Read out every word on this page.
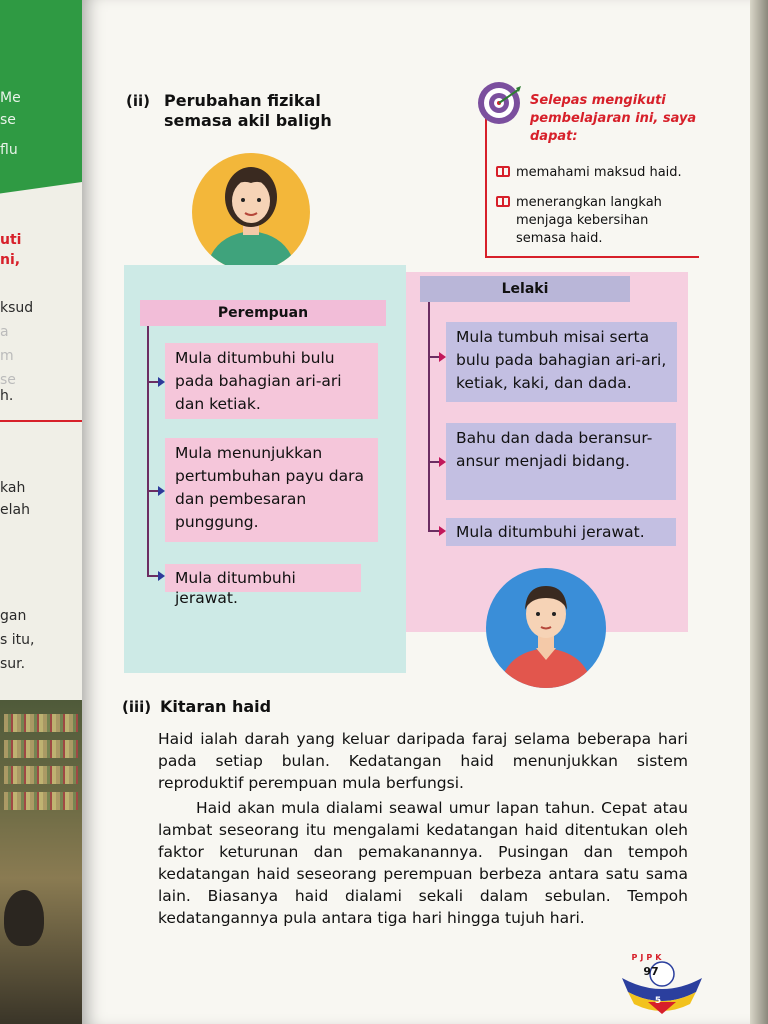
Me
se
flu
uti
ni,
ksud
a
m
se
h.
kah
elah
gan
s itu,
sur.
(ii) Perubahan fizikal semasa akil baligh
Selepas mengikuti pembelajaran ini, saya dapat:
memahami maksud haid.
menerangkan langkah menjaga kebersihan semasa haid.
Perempuan
Mula ditumbuhi bulu pada bahagian ari-ari dan ketiak.
Mula menunjukkan pertumbuhan payu dara dan pembesaran punggung.
Mula ditumbuhi jerawat.
Lelaki
Mula tumbuh misai serta bulu pada bahagian ari-ari, ketiak, kaki, dan dada.
Bahu dan dada beransur-ansur menjadi bidang.
Mula ditumbuhi jerawat.
(iii) Kitaran haid
Haid ialah darah yang keluar daripada faraj selama beberapa hari pada setiap bulan. Kedatangan haid menunjukkan sistem reproduktif perempuan mula berfungsi.
Haid akan mula dialami seawal umur lapan tahun. Cepat atau lambat seseorang itu mengalami kedatangan haid ditentukan oleh faktor keturunan dan pemakanannya. Pusingan dan tempoh kedatangan haid seseorang perempuan berbeza antara satu sama lain. Biasanya haid dialami sekali dalam sebulan. Tempoh kedatangannya pula antara tiga hari hingga tujuh hari.
PJPK
97
5
